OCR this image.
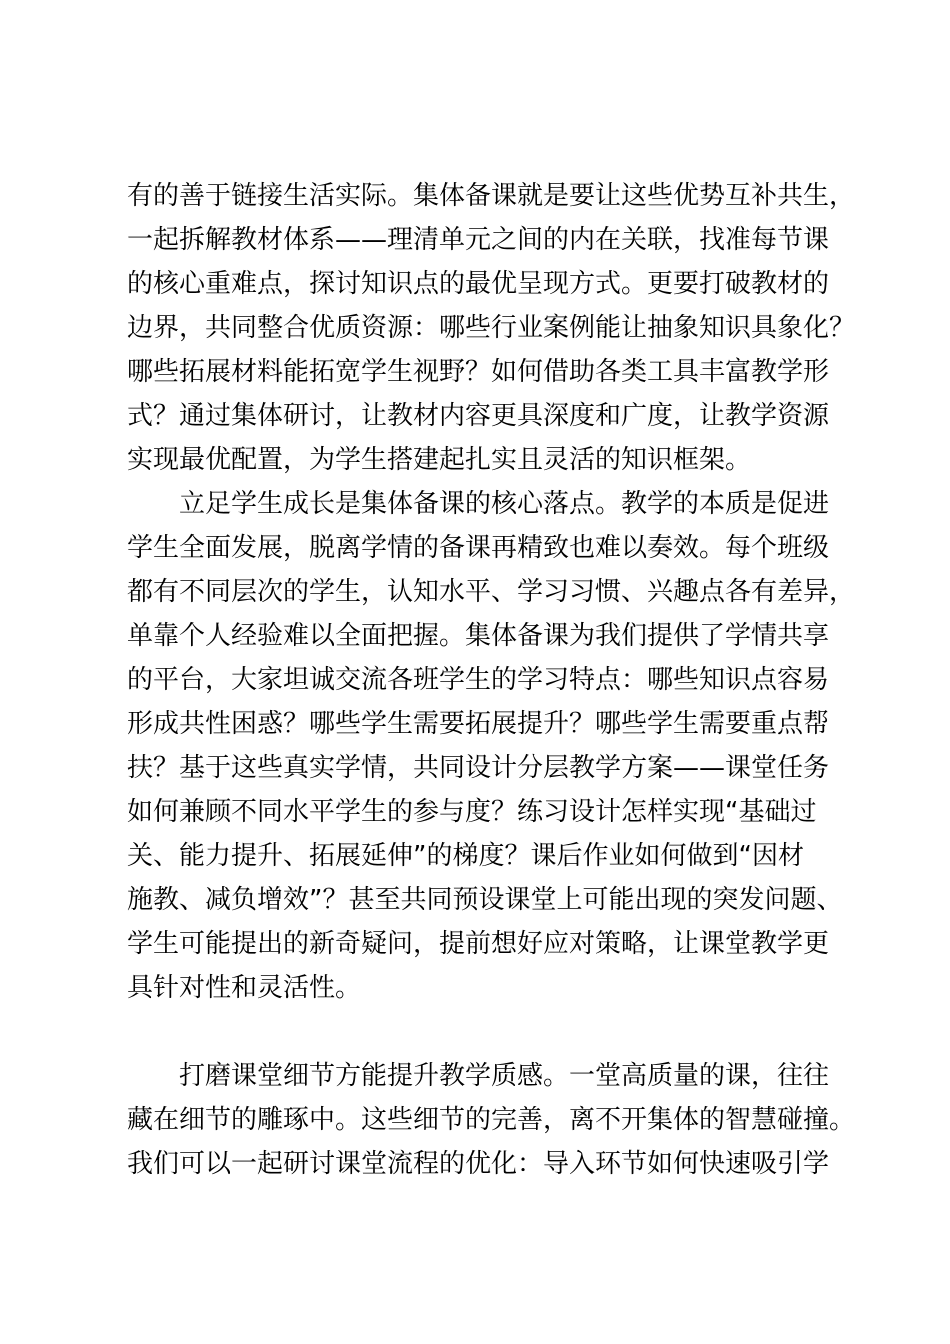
有的善于链接生活实际。集体备课就是要让这些优势互补共生，
一起拆解教材体系——理清单元之间的内在关联，找准每节课
的核心重难点，探讨知识点的最优呈现方式。更要打破教材的
边界，共同整合优质资源：哪些行业案例能让抽象知识具象化？
哪些拓展材料能拓宽学生视野？如何借助各类工具丰富教学形
式？通过集体研讨，让教材内容更具深度和广度，让教学资源
实现最优配置，为学生搭建起扎实且灵活的知识框架。
立足学生成长是集体备课的核心落点。教学的本质是促进
学生全面发展，脱离学情的备课再精致也难以奏效。每个班级
都有不同层次的学生，认知水平、学习习惯、兴趣点各有差异，
单靠个人经验难以全面把握。集体备课为我们提供了学情共享
的平台，大家坦诚交流各班学生的学习特点：哪些知识点容易
形成共性困惑？哪些学生需要拓展提升？哪些学生需要重点帮
扶？基于这些真实学情，共同设计分层教学方案——课堂任务
如何兼顾不同水平学生的参与度？练习设计怎样实现“基础过
关、能力提升、拓展延伸”的梯度？课后作业如何做到“因材
施教、减负增效”？甚至共同预设课堂上可能出现的突发问题、
学生可能提出的新奇疑问，提前想好应对策略，让课堂教学更
具针对性和灵活性。
打磨课堂细节方能提升教学质感。一堂高质量的课，往往
藏在细节的雕琢中。这些细节的完善，离不开集体的智慧碰撞。
我们可以一起研讨课堂流程的优化：导入环节如何快速吸引学
